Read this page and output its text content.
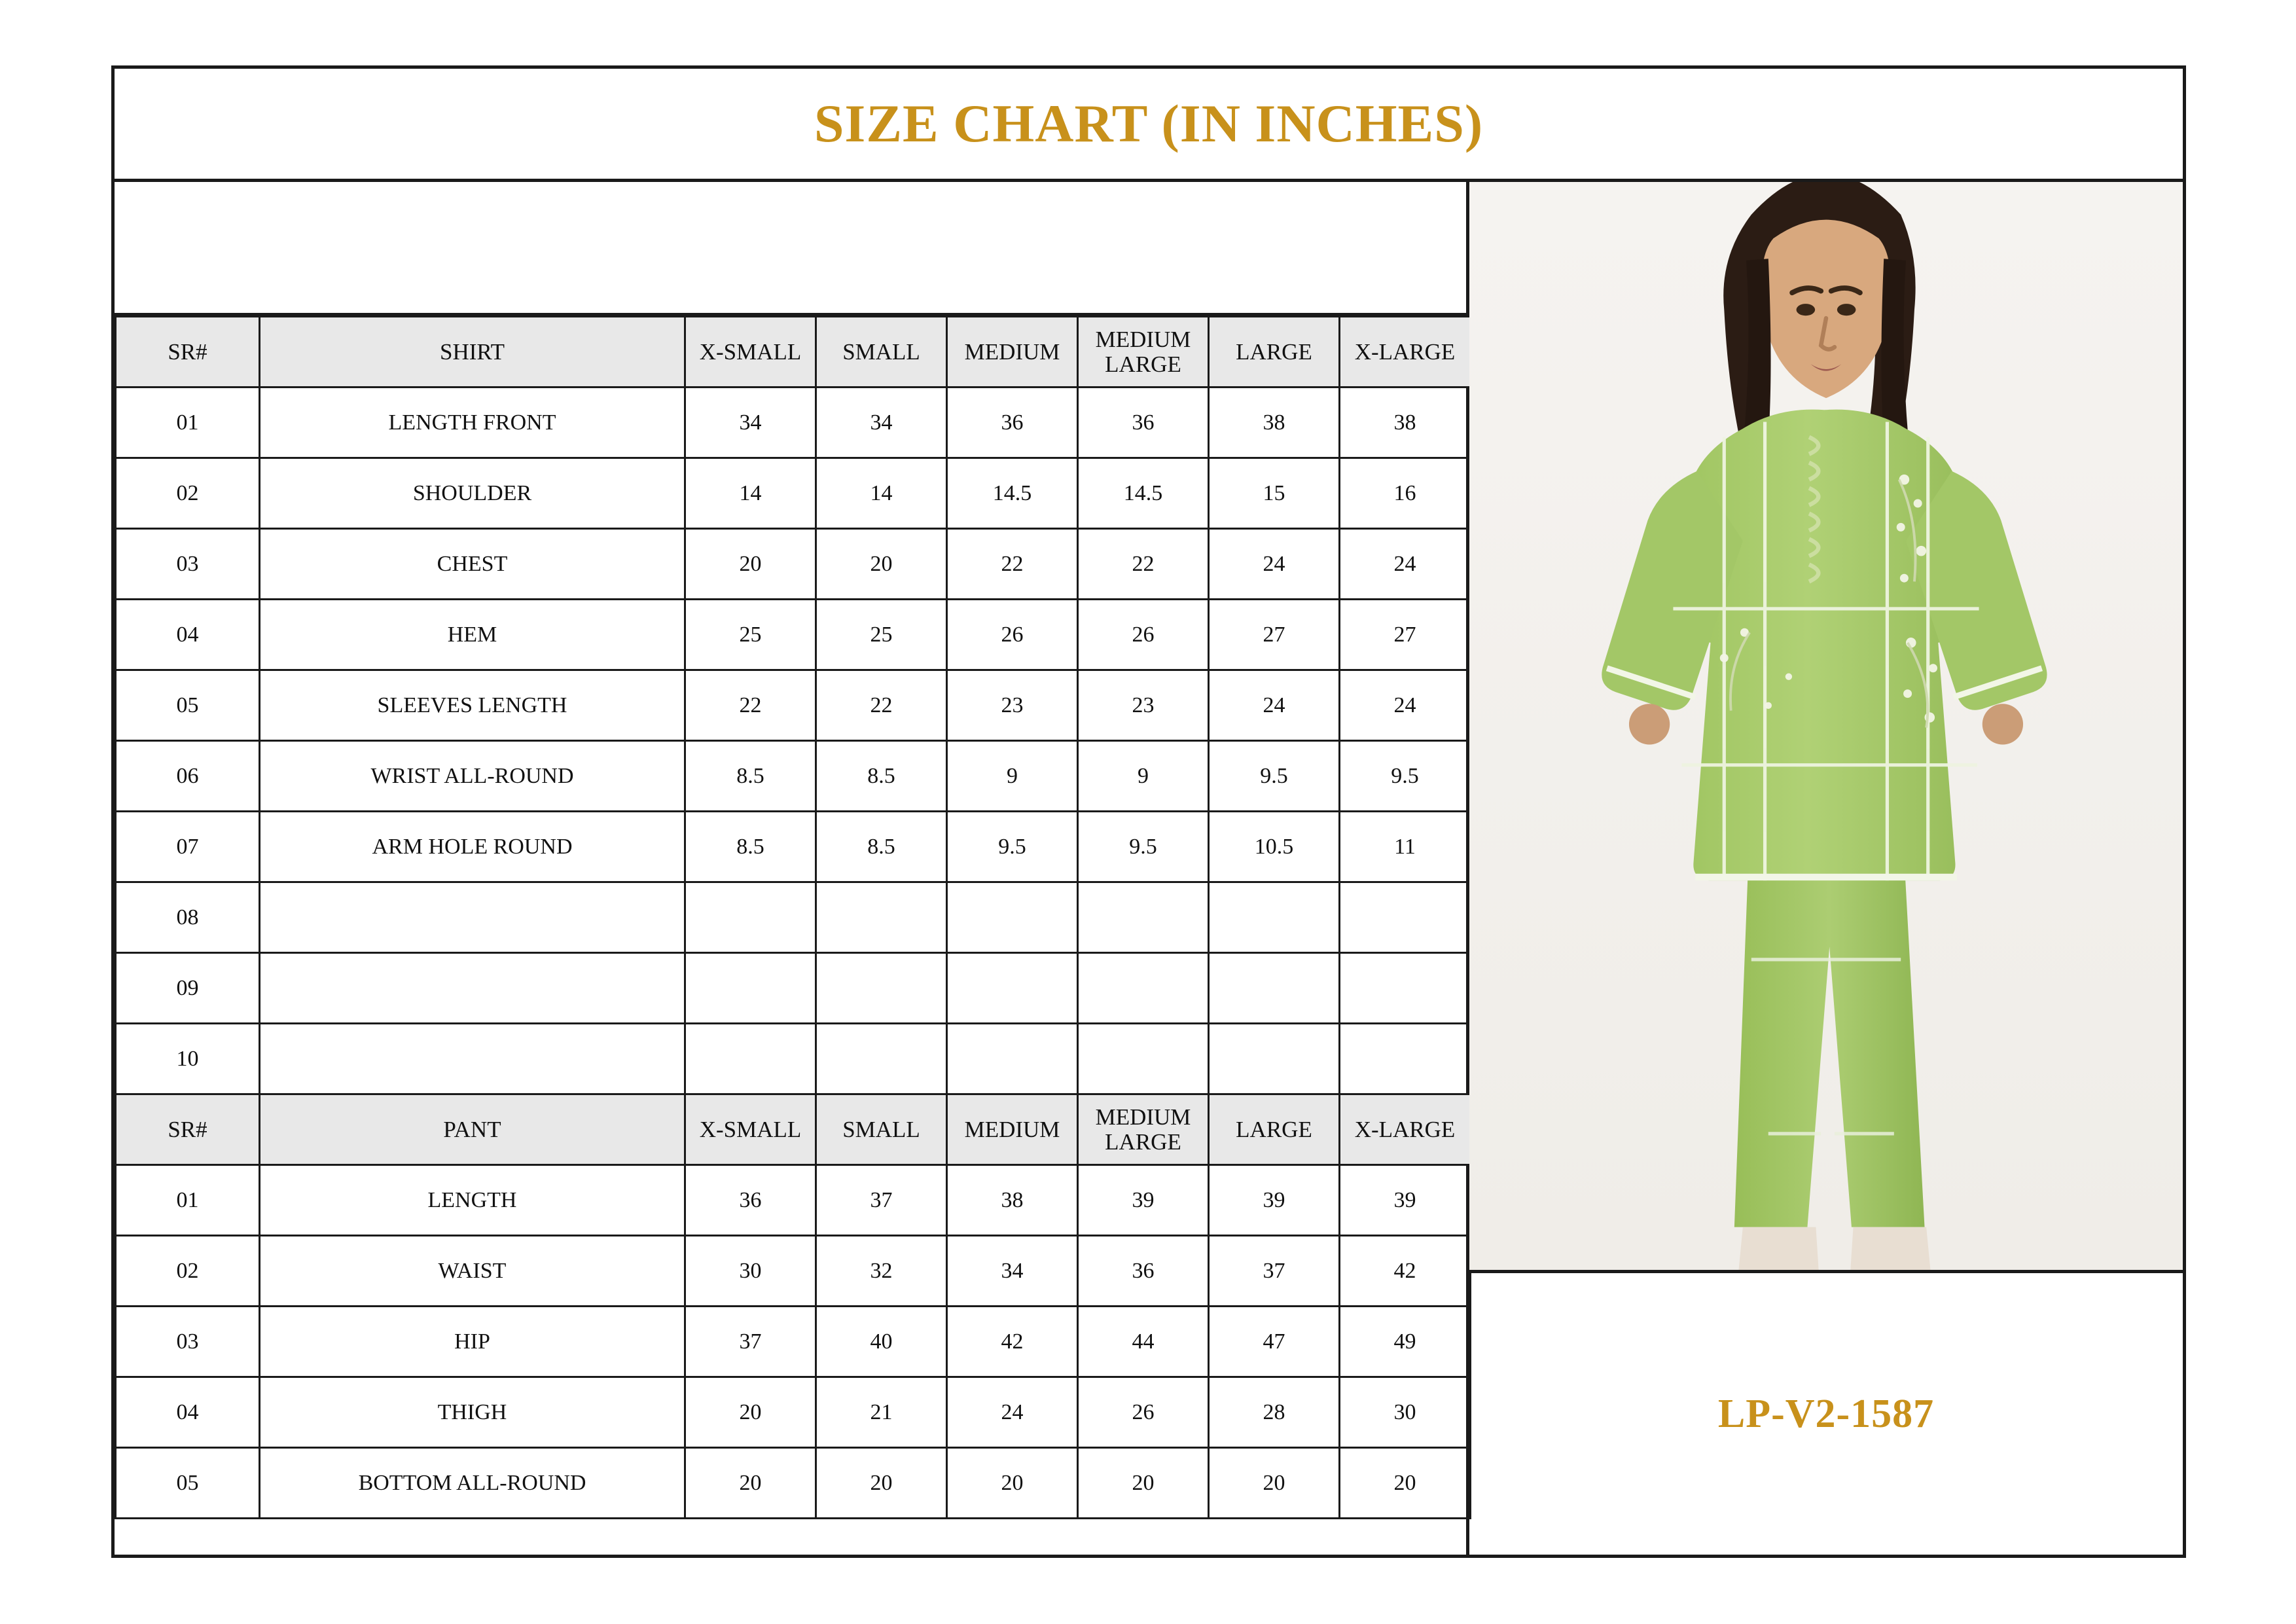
SIZE CHART (IN INCHES)
SR#	SHIRT	X-SMALL	SMALL	MEDIUM	MEDIUM LARGE	LARGE	X-LARGE
01	LENGTH FRONT	34	34	36	36	38	38
02	SHOULDER	14	14	14.5	14.5	15	16
03	CHEST	20	20	22	22	24	24
04	HEM	25	25	26	26	27	27
05	SLEEVES LENGTH	22	22	23	23	24	24
06	WRIST ALL-ROUND	8.5	8.5	9	9	9.5	9.5
07	ARM HOLE ROUND	8.5	8.5	9.5	9.5	10.5	11
08							
09							
10							
SR#	PANT	X-SMALL	SMALL	MEDIUM	MEDIUM LARGE	LARGE	X-LARGE
01	LENGTH	36	37	38	39	39	39
02	WAIST	30	32	34	36	37	42
03	HIP	37	40	42	44	47	49
04	THIGH	20	21	24	26	28	30
05	BOTTOM ALL-ROUND	20	20	20	20	20	20
LP-V2-1587
